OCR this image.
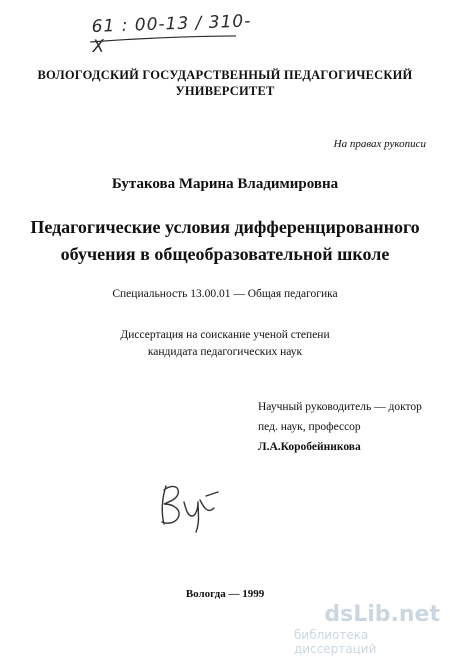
61 : 00-13 / 310-X
ВОЛОГОДСКИЙ ГОСУДАРСТВЕННЫЙ ПЕДАГОГИЧЕСКИЙ
УНИВЕРСИТЕТ
На правах рукописи
Бутакова Марина Владимировна
Педагогические условия дифференцированного
обучения в общеобразовательной школе
Специальность 13.00.01 — Общая педагогика
Диссертация на соискание ученой степени
кандидата педагогических наук
Научный руководитель — доктор
пед. наук, профессор
Л.А.Коробейникова
Вологда — 1999
dsLib.net
библиотека диссертаций
